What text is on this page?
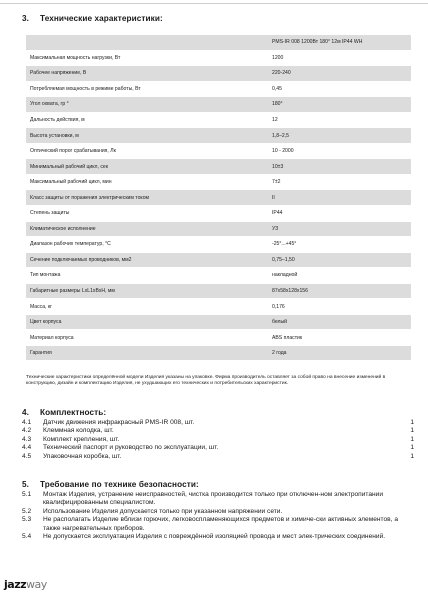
3. Технические характеристики:
	PMS-IR 008 1200Вт 180° 12м IP44 WH
Максимальная мощность нагрузки, Вт	1200
Рабочее напряжение, В	220-240
Потребляемая мощность в режиме работы, Вт	0,45
Угол охвата, гр °	180°
Дальность действия, м	12
Высота установки, м	1,8–2,5
Оптический порог срабатывания, Лк	10 - 2000
Минимальный рабочий цикл, сек	10±3
Максимальный рабочий цикл, мин	7±2
Класс защиты от поражения электрическим током	II
Степень защиты	IP44
Климатическое исполнение	УЗ
Диапазон рабочих температур, °С	-25°...+45°
Сечение подключаемых проводников, мм2	0,75–1,50
Тип монтажа	накладной
Габаритные размеры LxL1xBxH, мм	87x58x128x156
Масса, кг	0,176
Цвет корпуса	белый
Материал корпуса	ABS пластик
Гарантия	2 года
Технические характеристики определённой модели Изделия указаны на упаковке. Фирма производитель оставляет за собой право на внесение изменений в конструкцию, дизайн и комплектацию Изделия, не ухудшающих его технических и потребительских характеристик.
4. Комплектность:
4.1 Датчик движения инфракрасный PMS-IR 008, шт.	1
4.2 Клеммная колодка, шт.	1
4.3 Комплект крепления, шт.	1
4.4 Технический паспорт и руководство по эксплуатации, шт.	1
4.5 Упаковочная коробка, шт.	1
5. Требование по технике безопасности:
5.1 Монтаж Изделия, устранение неисправностей, чистка производится только при отключен-ном электропитании квалифицированным специалистом.
5.2 Использование Изделия допускается только при указанном напряжении сети.
5.3 Не располагать Изделие вблизи горючих, легковоспламеняющихся предметов и химиче-ски активных элементов, а также нагревательных приборов.
5.4 Не допускается эксплуатация Изделия с повреждённой изоляцией провода и мест элек-трических соединений.
jazzway
